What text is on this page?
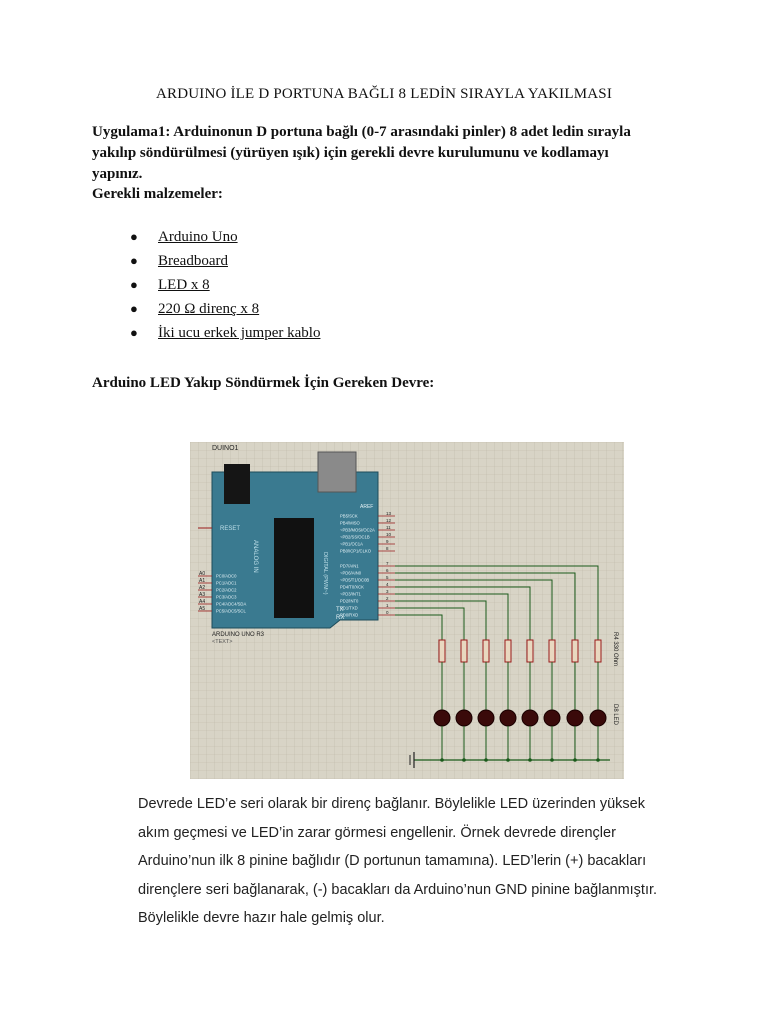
ARDUINO İLE D PORTUNA BAĞLI 8 LEDİN SIRAYLA YAKILMASI

Uygulama1: Arduinonun D portuna bağlı (0-7 arasındaki pinler) 8 adet ledin sırayla
yakılıp söndürülmesi (yürüyen ışık) için gerekli devre kurulumunu ve kodlamayı
yapınız.

Gerekli malzemeler:

● Arduino Uno
● Breadboard
● LED x 8
● 220 Ω direnç x 8
● İki ucu erkek jumper kablo

Arduino LED Yakıp Söndürmek İçin Gereken Devre:

DUINO1
RESET
ANALOG IN	DIGITAL (PWM~)
AREF
TX
RX
ARDUINO UNO R3
<TEXT>
A0	PC0/ADC0
A1	PC1/ADC1
A2	PC2/ADC2
A3	PC3/ADC3
A4	PC4/ADC4/SDA
A5	PC5/ADC5/SCL
PB5/SCK	13
PB4/MISO	12
~PB3/MOSI/OC2A 11
~PB2/SS/OC1B	10
~PB1/OC1A	9
PB0/ICP1/CLKO	8
PD7/AIN1	7
~PD6/AIN0	6
~PD5/T1/OC0B	5
PD4/T0/XCK	4
~PD3/INT1	3
PD2/INT0	2
PD1/TXD	1
PD0/RXD	0
R4 330 Ohm
D8 LED

Devrede LED’e seri olarak bir direnç bağlanır. Böylelikle LED üzerinden yüksek
akım geçmesi ve LED’in zarar görmesi engellenir. Örnek devrede dirençler
Arduino’nun ilk 8 pinine bağlıdır (D portunun tamamına). LED’lerin (+) bacakları
dirençlere seri bağlanarak, (-) bacakları da Arduino’nun GND pinine bağlanmıştır.
Böylelikle devre hazır hale gelmiş olur.
